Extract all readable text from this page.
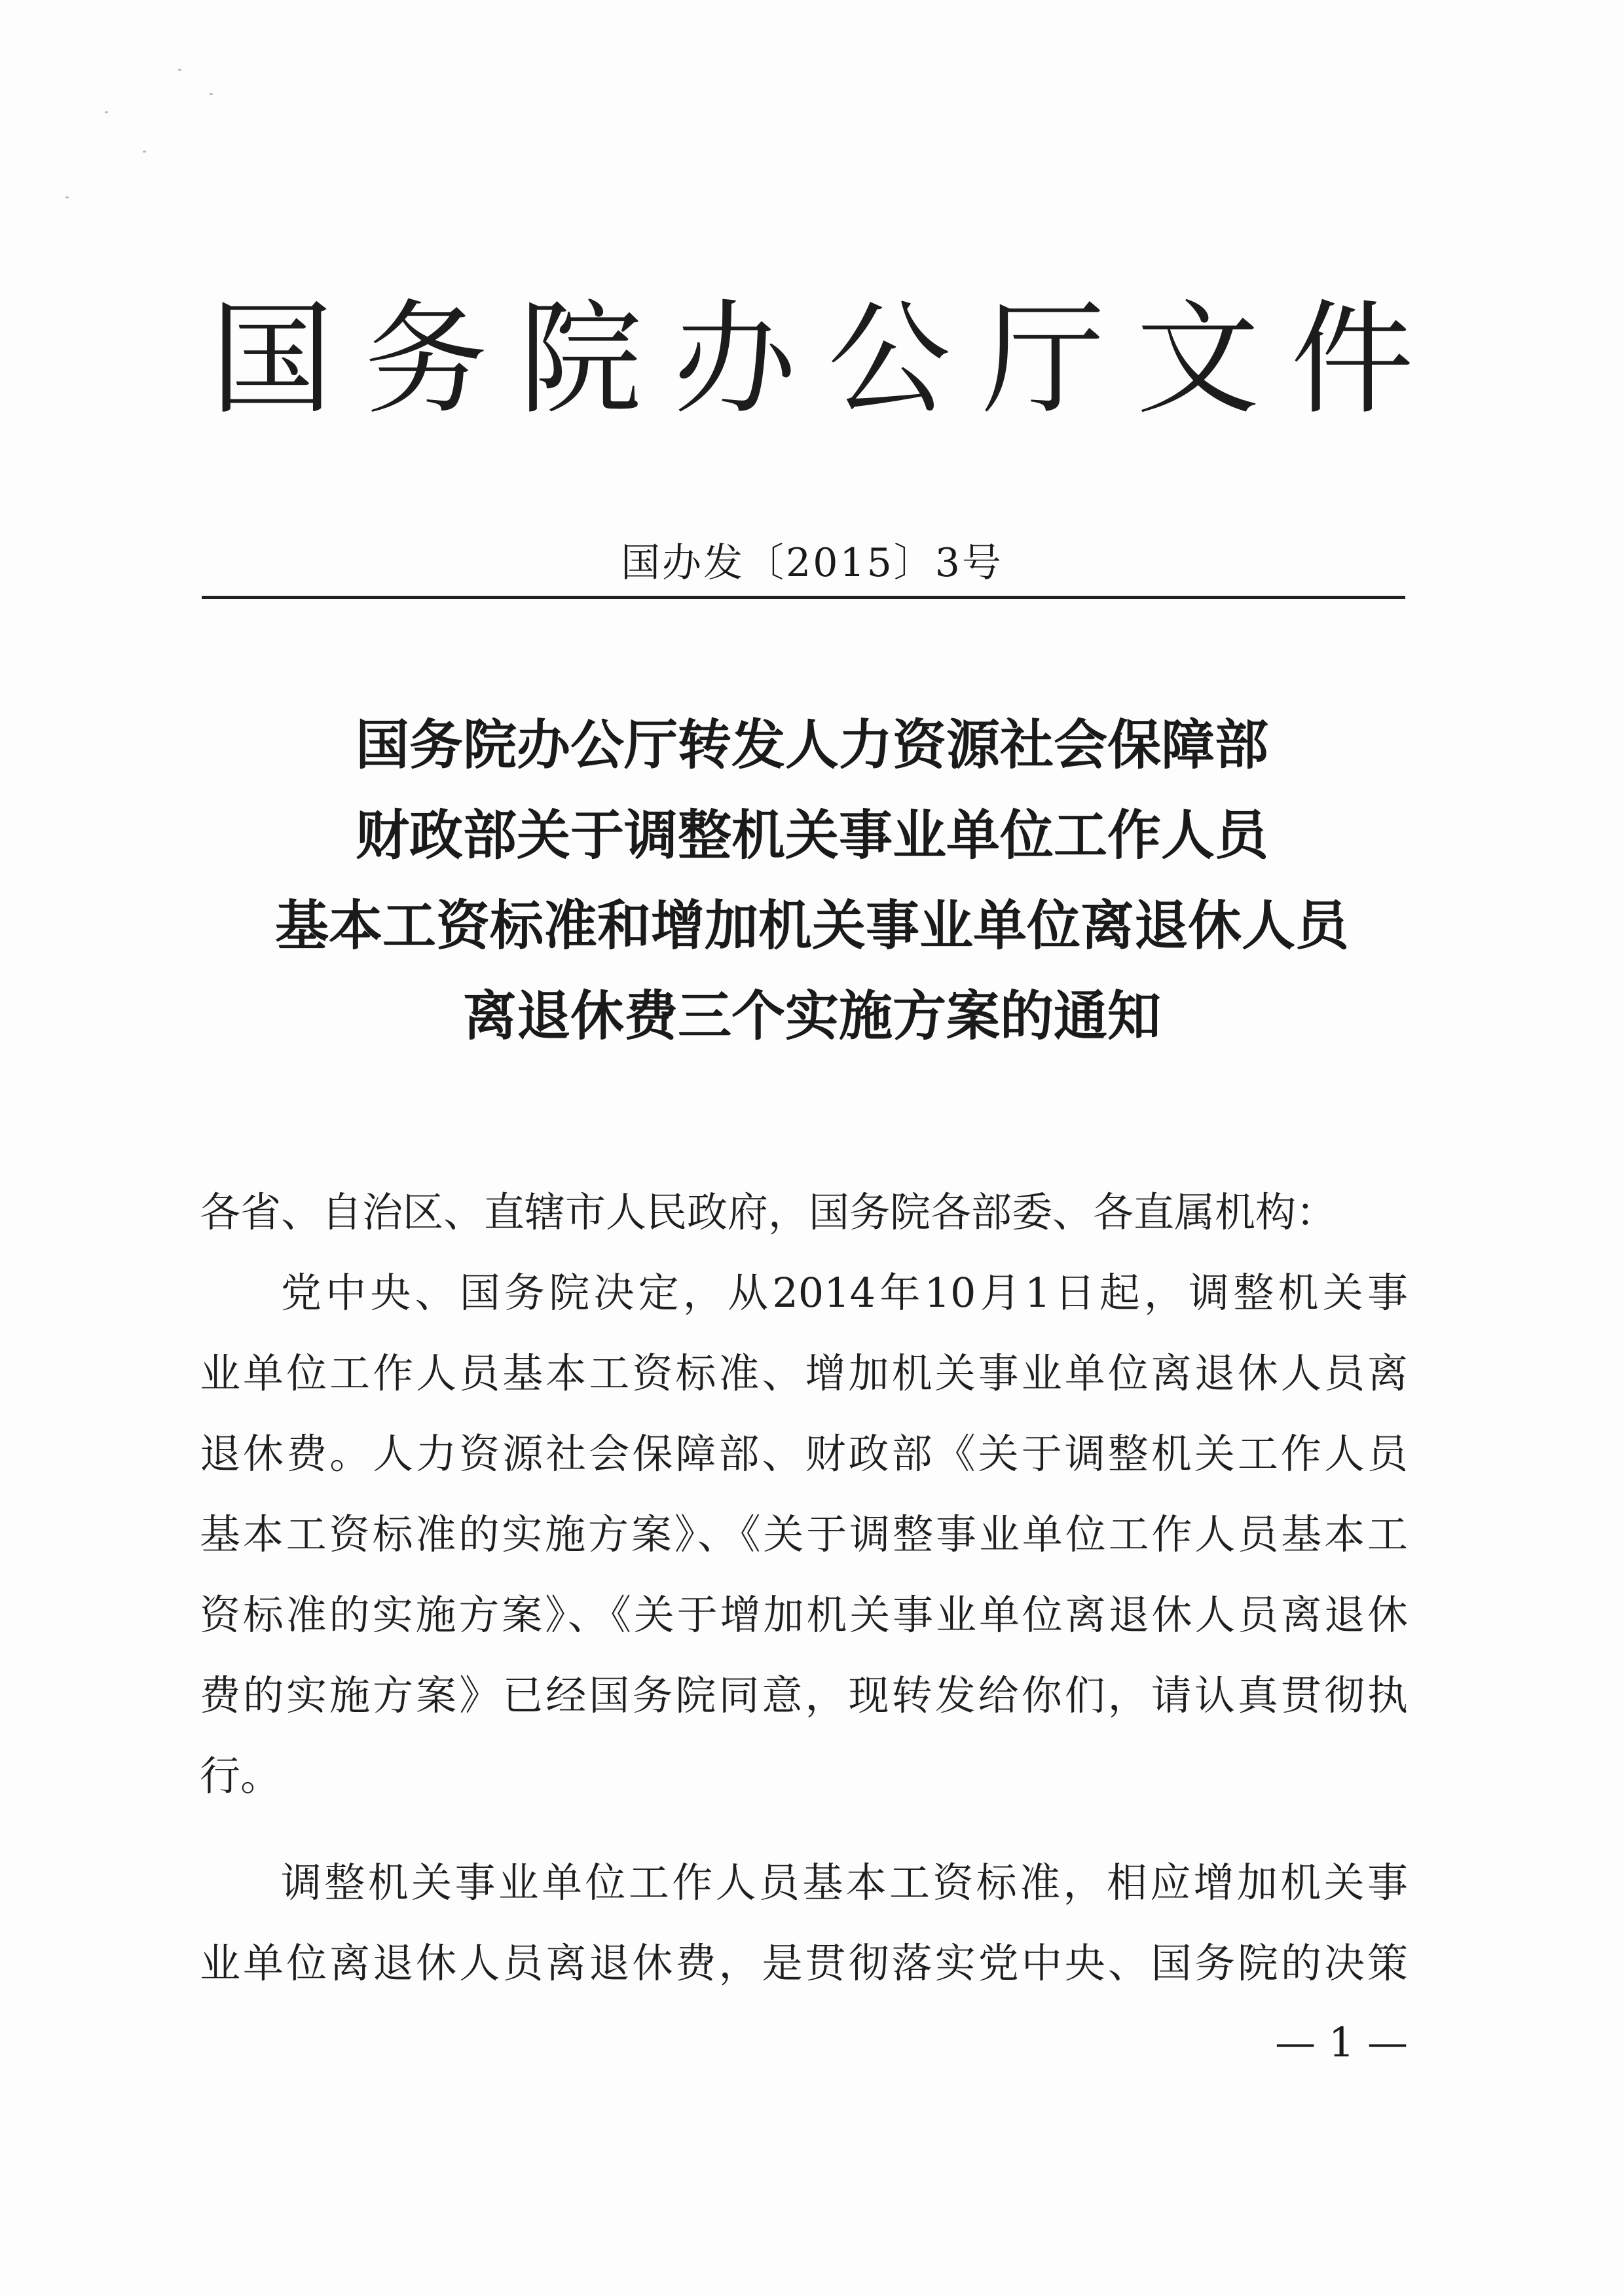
国 务 院 办 公 厅 文 件
国办发〔2015〕3号
国务院办公厅转发人力资源社会保障部
财政部关于调整机关事业单位工作人员
基本工资标准和增加机关事业单位离退休人员
离退休费三个实施方案的通知
各省、自治区、直辖市人民政府，国务院各部委、各直属机构：
党中央、国务院决定，从2014年10月1日起，调整机关事
业单位工作人员基本工资标准、增加机关事业单位离退休人员离
退休费。人力资源社会保障部、财政部《关于调整机关工作人员
基本工资标准的实施方案》、《关于调整事业单位工作人员基本工
资标准的实施方案》、《关于增加机关事业单位离退休人员离退休
费的实施方案》已经国务院同意，现转发给你们，请认真贯彻执
行。
调整机关事业单位工作人员基本工资标准，相应增加机关事
业单位离退休人员离退休费，是贯彻落实党中央、国务院的决策
— 1 —
